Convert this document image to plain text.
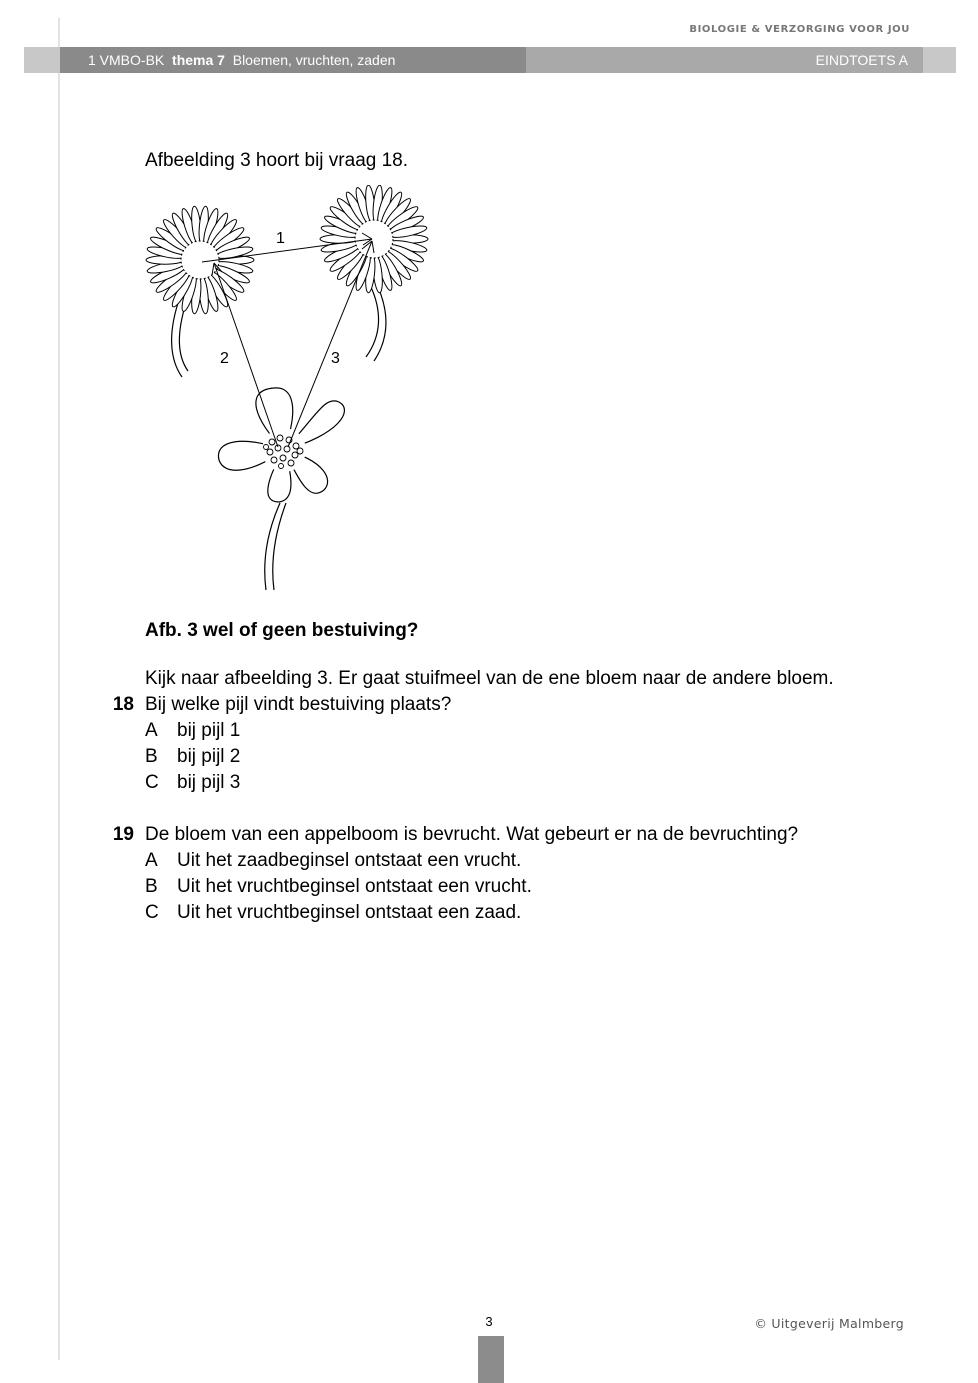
BIOLOGIE & VERZORGING VOOR JOU
1 VMBO-BK thema 7 Bloemen, vruchten, zaden	EINDTOETS A
Afbeelding 3 hoort bij vraag 18.
1
2	3
Afb. 3 wel of geen bestuiving?
Kijk naar afbeelding 3. Er gaat stuifmeel van de ene bloem naar de andere bloem.
18 Bij welke pijl vindt bestuiving plaats?
A bij pijl 1
B bij pijl 2
C bij pijl 3
19 De bloem van een appelboom is bevrucht. Wat gebeurt er na de bevruchting?
A Uit het zaadbeginsel ontstaat een vrucht.
B Uit het vruchtbeginsel ontstaat een vrucht.
C Uit het vruchtbeginsel ontstaat een zaad.
3	© Uitgeverij Malmberg
